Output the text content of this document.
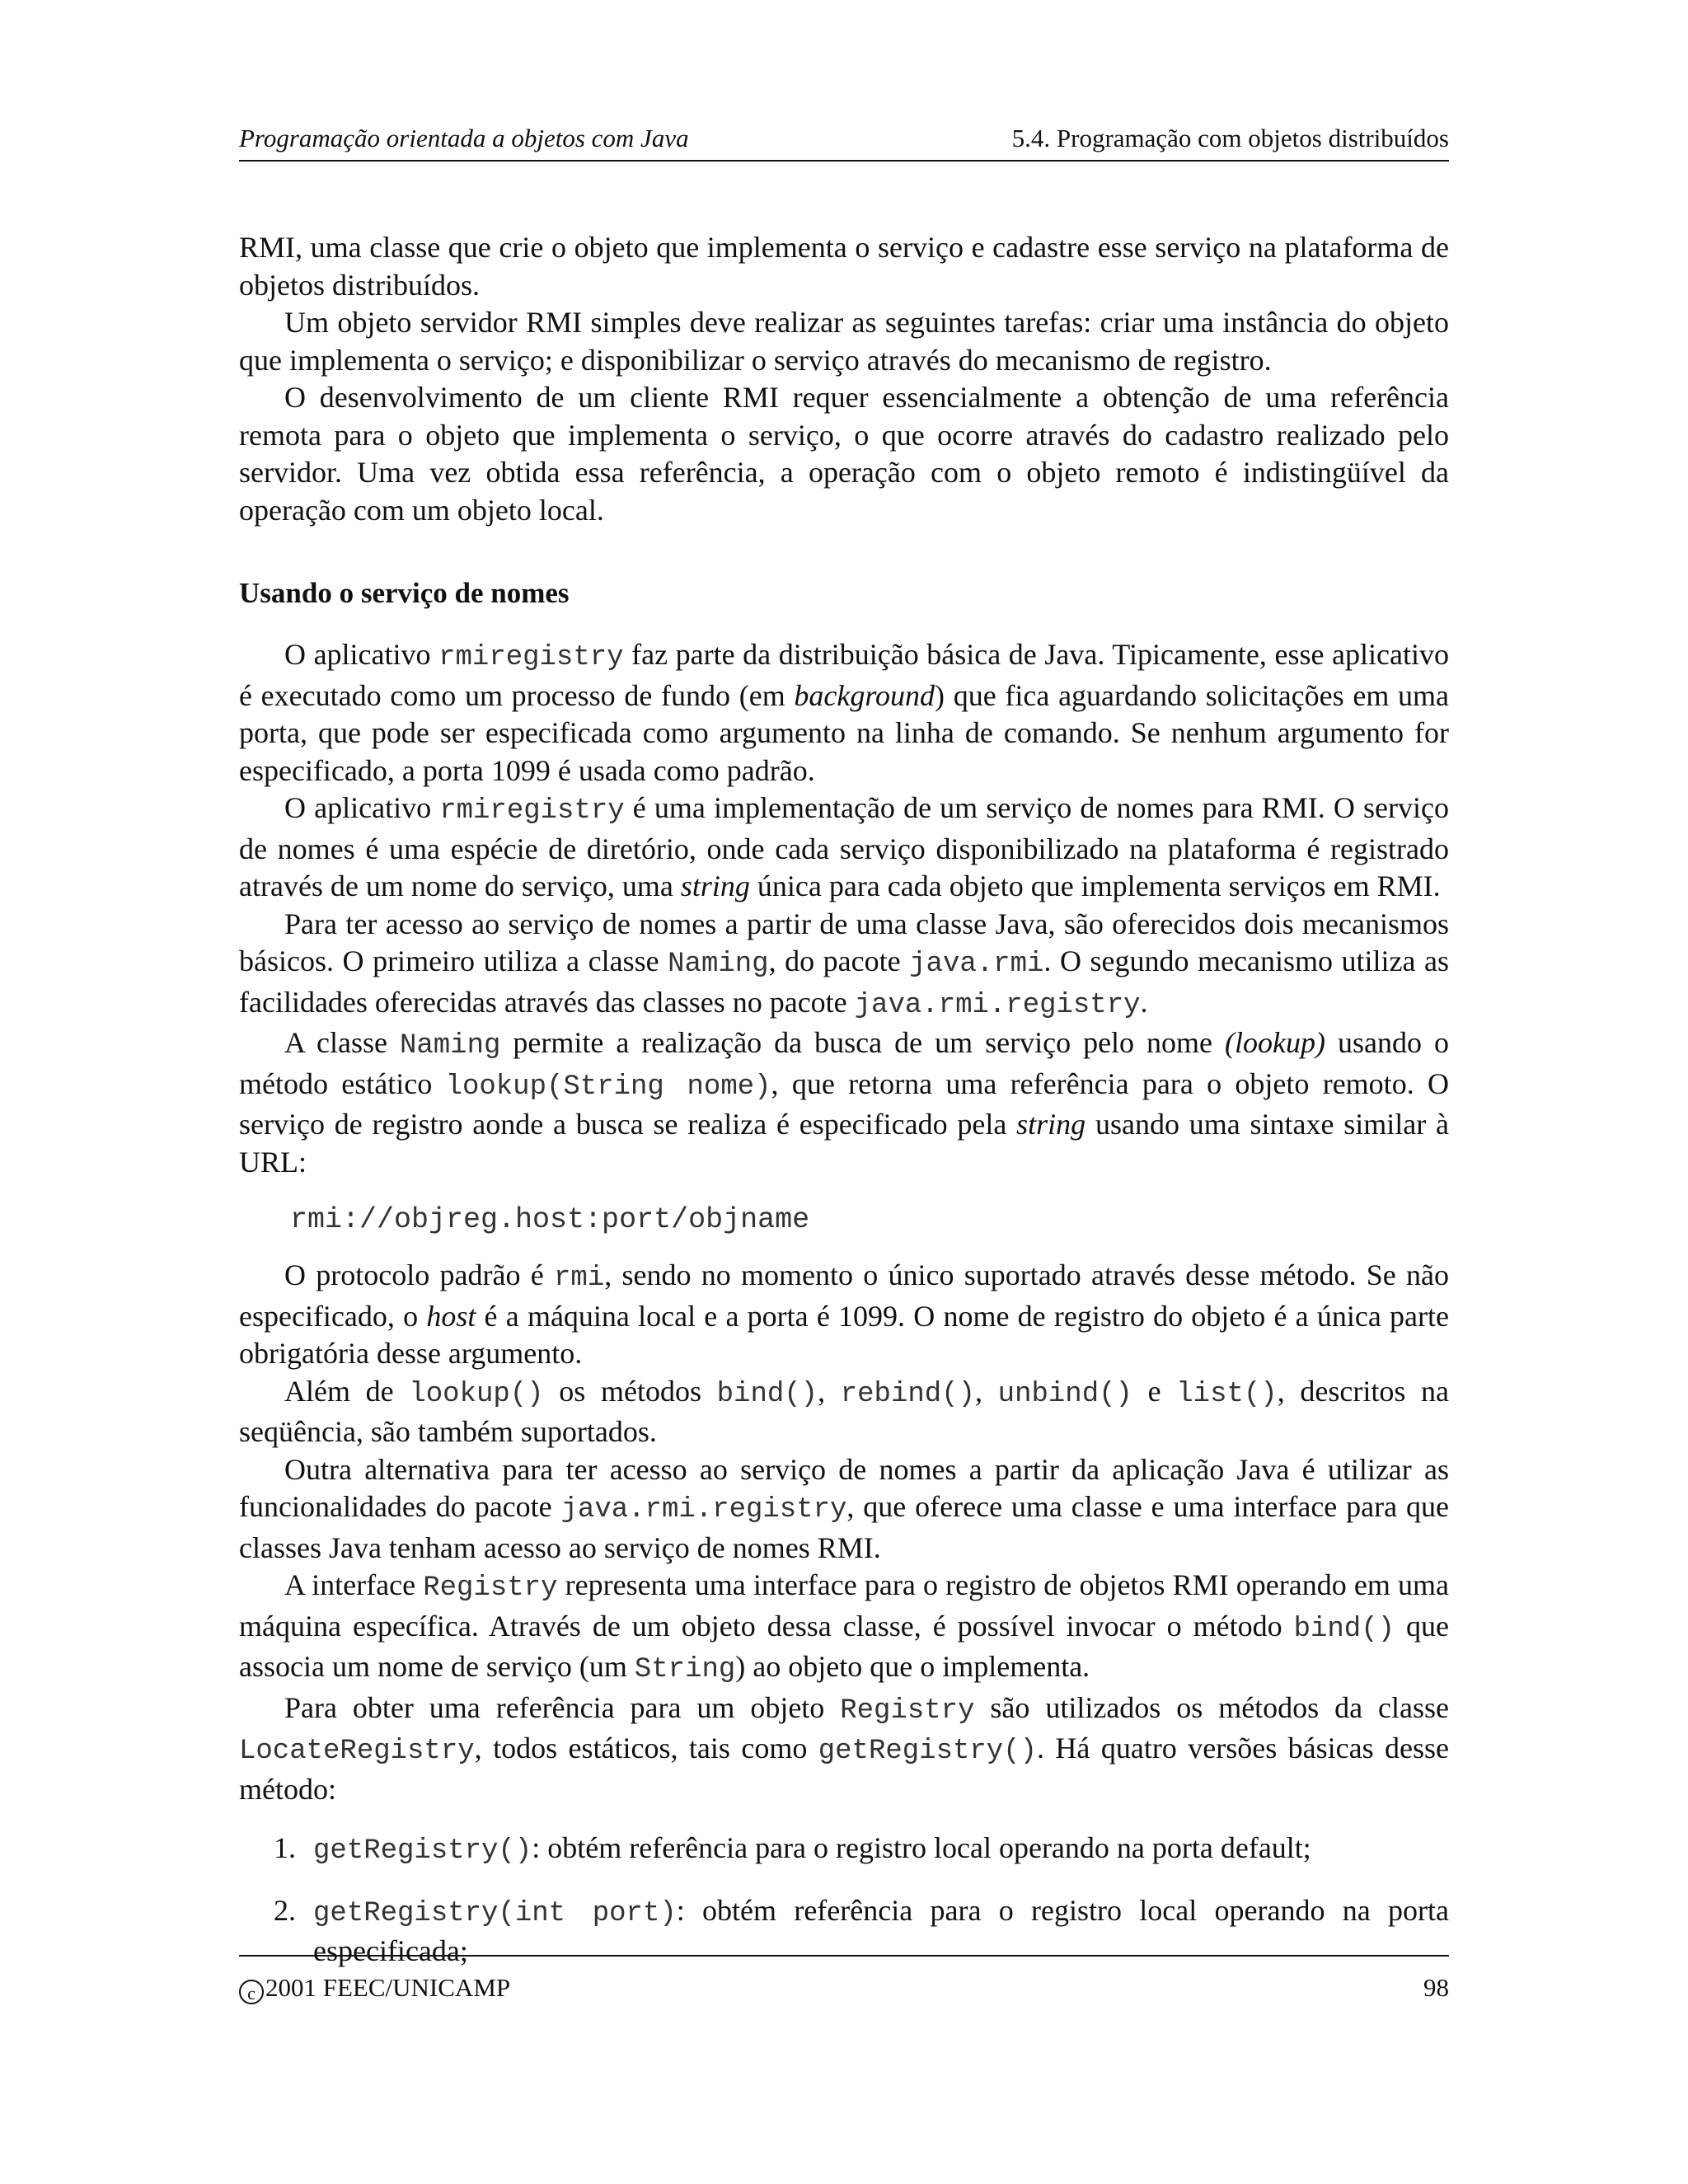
Programação orientada a objetos com Java	5.4. Programação com objetos distribuídos

RMI, uma classe que crie o objeto que implementa o serviço e cadastre esse serviço na plataforma de objetos distribuídos.

Um objeto servidor RMI simples deve realizar as seguintes tarefas: criar uma instância do objeto que implementa o serviço; e disponibilizar o serviço através do mecanismo de registro.

O desenvolvimento de um cliente RMI requer essencialmente a obtenção de uma referência remota para o objeto que implementa o serviço, o que ocorre através do cadastro realizado pelo servidor. Uma vez obtida essa referência, a operação com o objeto remoto é indistingüível da operação com um objeto local.

Usando o serviço de nomes

O aplicativo rmiregistry faz parte da distribuição básica de Java. Tipicamente, esse aplicativo é executado como um processo de fundo (em background) que fica aguardando solicitações em uma porta, que pode ser especificada como argumento na linha de comando. Se nenhum argumento for especificado, a porta 1099 é usada como padrão.

O aplicativo rmiregistry é uma implementação de um serviço de nomes para RMI. O serviço de nomes é uma espécie de diretório, onde cada serviço disponibilizado na plataforma é registrado através de um nome do serviço, uma string única para cada objeto que implementa serviços em RMI.

Para ter acesso ao serviço de nomes a partir de uma classe Java, são oferecidos dois mecanismos básicos. O primeiro utiliza a classe Naming, do pacote java.rmi. O segundo mecanismo utiliza as facilidades oferecidas através das classes no pacote java.rmi.registry.

A classe Naming permite a realização da busca de um serviço pelo nome (lookup) usando o método estático lookup(String nome), que retorna uma referência para o objeto remoto. O serviço de registro aonde a busca se realiza é especificado pela string usando uma sintaxe similar à URL:

rmi://objreg.host:port/objname

O protocolo padrão é rmi, sendo no momento o único suportado através desse método. Se não especificado, o host é a máquina local e a porta é 1099. O nome de registro do objeto é a única parte obrigatória desse argumento.

Além de lookup() os métodos bind(), rebind(), unbind() e list(), descritos na seqüência, são também suportados.

Outra alternativa para ter acesso ao serviço de nomes a partir da aplicação Java é utilizar as funcionalidades do pacote java.rmi.registry, que oferece uma classe e uma interface para que classes Java tenham acesso ao serviço de nomes RMI.

A interface Registry representa uma interface para o registro de objetos RMI operando em uma máquina específica. Através de um objeto dessa classe, é possível invocar o método bind() que associa um nome de serviço (um String) ao objeto que o implementa.

Para obter uma referência para um objeto Registry são utilizados os métodos da classe LocateRegistry, todos estáticos, tais como getRegistry(). Há quatro versões básicas desse método:

1. getRegistry(): obtém referência para o registro local operando na porta default;
2. getRegistry(int port): obtém referência para o registro local operando na porta especificada;
c 2001 FEEC/UNICAMP	98
